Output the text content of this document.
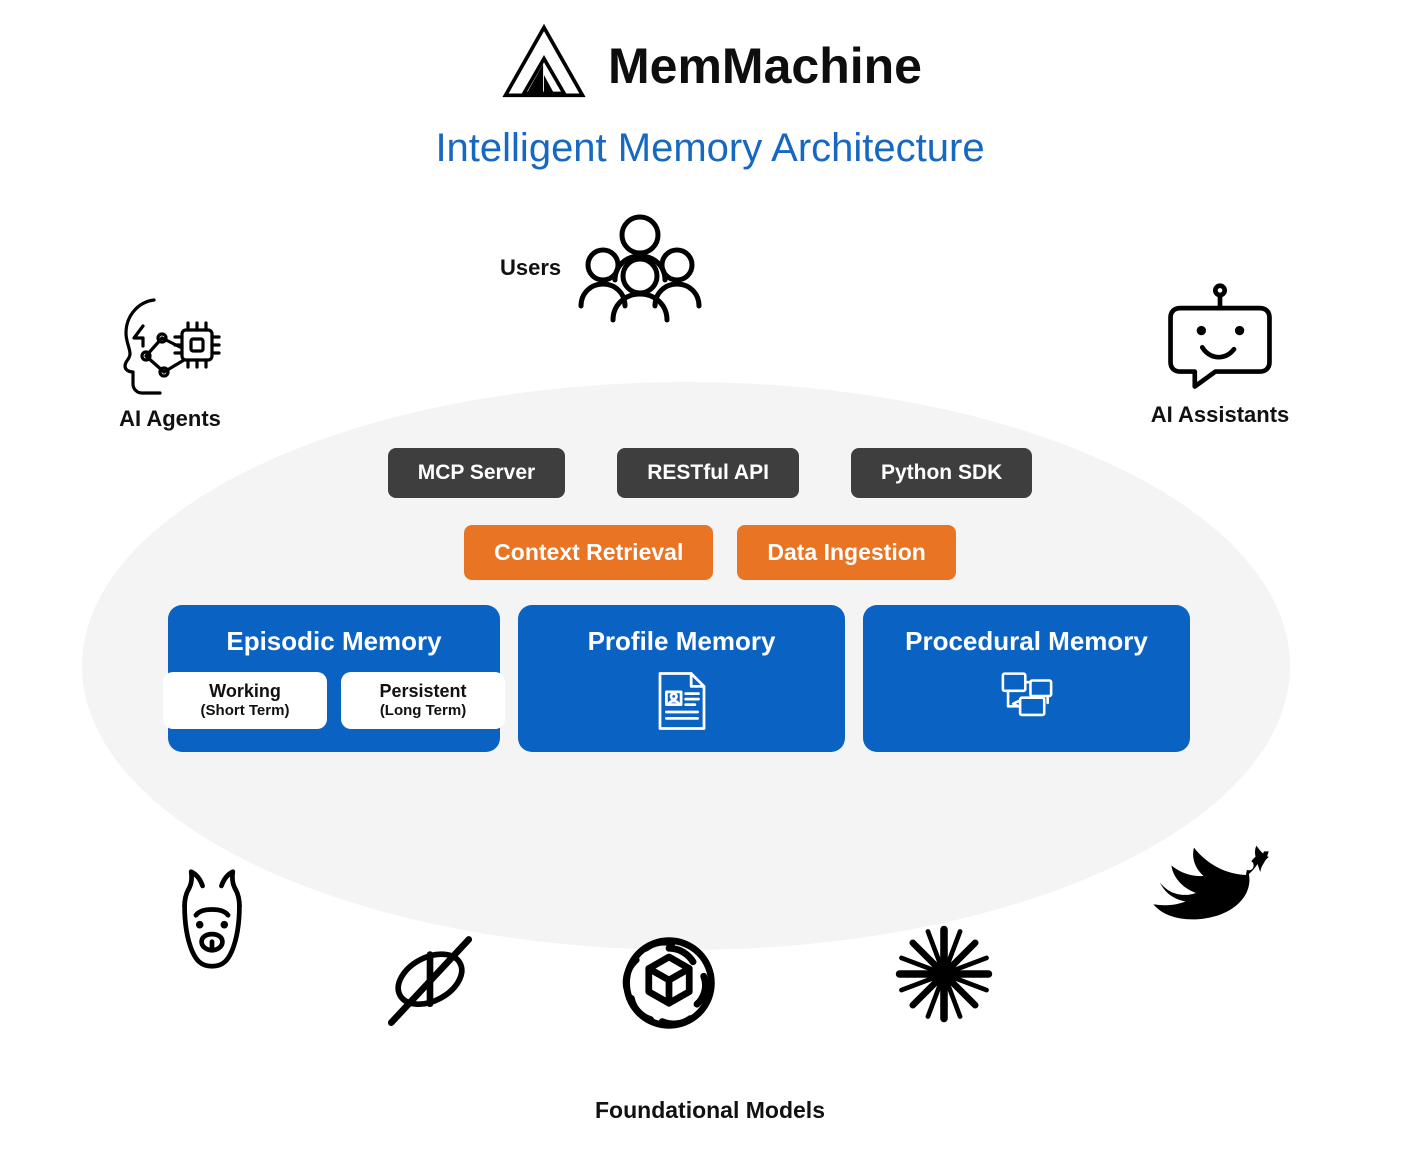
MemMachine
Intelligent Memory Architecture
Users
AI Agents	AI Assistants
MCP Server	RESTful API	Python SDK
Context Retrieval	Data Ingestion
Episodic Memory
Working
(Short Term)
Persistent
(Long Term)
Profile Memory	Procedural Memory
Foundational Models
